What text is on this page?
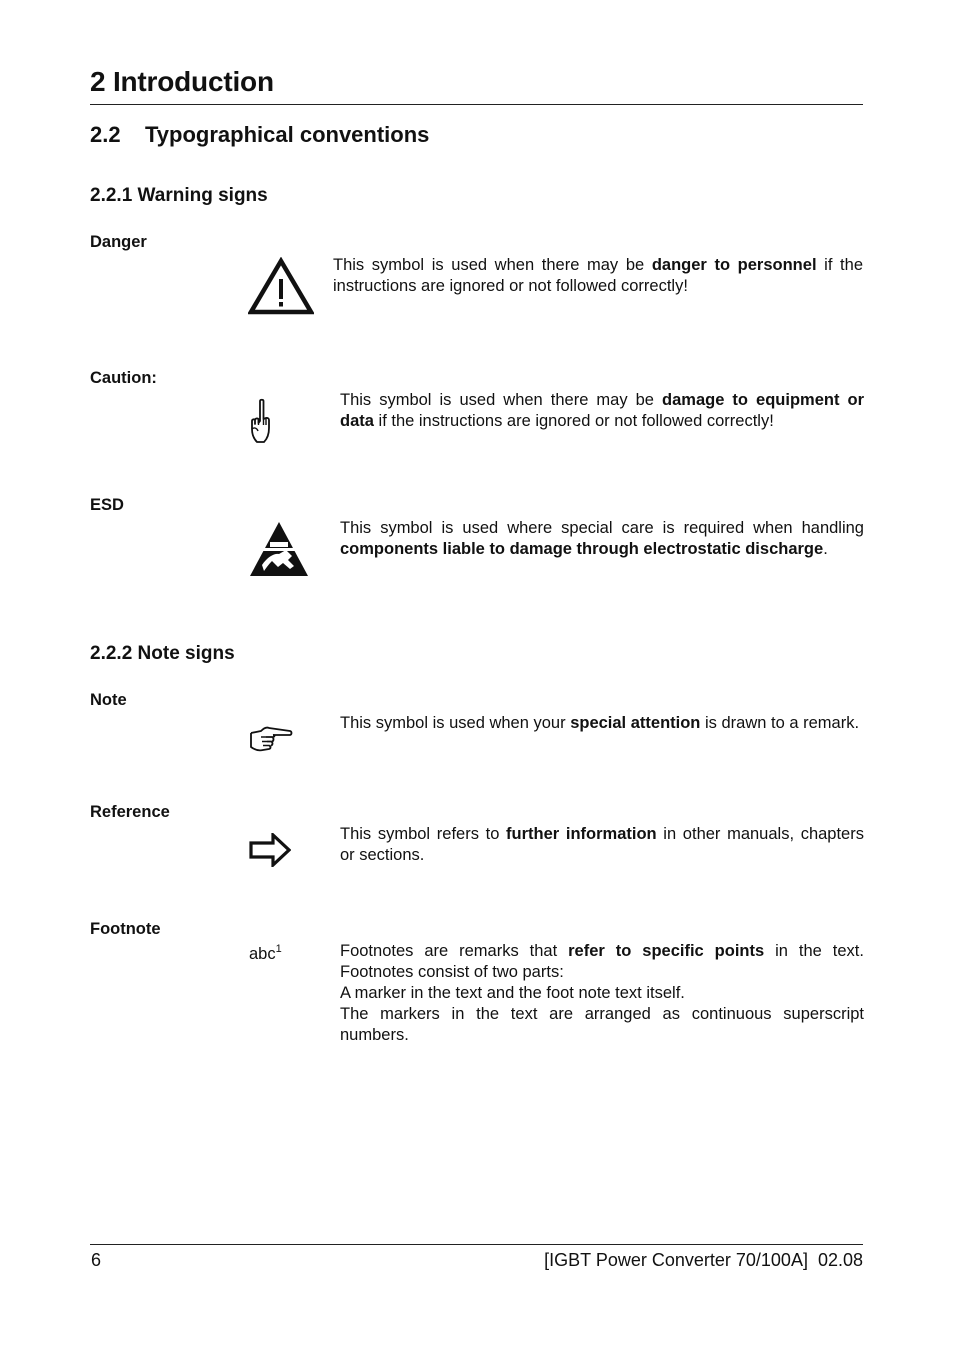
2 Introduction
2.2 Typographical conventions
2.2.1 Warning signs
Danger

This symbol is used when there may be danger to personnel if the instructions are ignored or not followed correctly!

Caution:

This symbol is used when there may be damage to equipment or data if the instructions are ignored or not followed correctly!

ESD

This symbol is used where special care is required when handling components liable to damage through electrostatic discharge.

2.2.2 Note signs
Note

This symbol is used when your special attention is drawn to a remark.

Reference

This symbol refers to further information in other manuals, chapters or sections.

Footnote
abc$^1$	Footnotes are remarks that refer to specific points in the text. Footnotes consist of two parts:

A marker in the text and the foot note text itself.

The markers in the text are arranged as continuous superscript numbers.

6	[IGBT Power Converter 70/100A]  02.08
